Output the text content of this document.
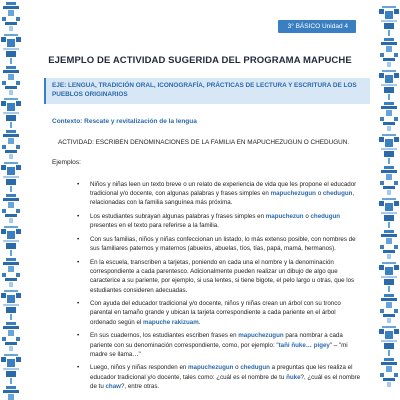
3° BÁSICO Unidad 4
EJEMPLO DE ACTIVIDAD SUGERIDA DEL PROGRAMA MAPUCHE
EJE: LENGUA, TRADICIÓN ORAL, ICONOGRAFÍA, PRÁCTICAS DE LECTURA Y ESCRITURA DE LOS
PUEBLOS ORIGINARIOS
Contexto: Rescate y revitalización de la lengua
ACTIVIDAD: ESCRIBEN DENOMINACIONES DE LA FAMILIA EN MAPUCHEZUGUN O CHEDUGUN.
Ejemplos:
• Niños y niñas leen un texto breve o un relato de experiencia de vida que les propone el educador tradicional y/o docente, con algunas palabras y frases simples en mapuchezugun o chedugun, relacionadas con la familia sanguínea más próxima.
• Los estudiantes subrayan algunas palabras y frases simples en mapuchezun o chedugun presentes en el texto para referirse a la familia.
• Con sus familias, niños y niñas confeccionan un listado, lo más extenso posible, con nombres de sus familiares paternos y maternos (abuelos, abuelas, tíos, tías, papá, mamá, hermanos).
• En la escuela, transcriben a tarjetas, poniendo en cada una el nombre y la denominación correspondiente a cada parentesco. Adicionalmente pueden realizar un dibujo de algo que caracterice a su pariente, por ejemplo, si usa lentes, si tiene bigote, el pelo largo u otras, que los estudiantes consideren adecuadas.
• Con ayuda del educador tradicional y/o docente, niños y niñas crean un árbol con su tronco parental en tamaño grande y ubican la tarjeta correspondiente a cada pariente en el árbol ordenado según el mapuche rakizuam.
• En sus cuadernos, los estudiantes escriben frases en mapuchezugun para nombrar a cada pariente con su denominación correspondiente, como, por ejemplo: "tañi ñuke… pigey" – "mi madre se llama…"
• Luego, niños y niñas responden en mapuchezugun o chedugun a preguntas que les realiza el educador tradicional y/o docente, tales como: ¿cuál es el nombre de tu ñuke?, ¿cuál es el nombre de tu chaw?, entre otras.
